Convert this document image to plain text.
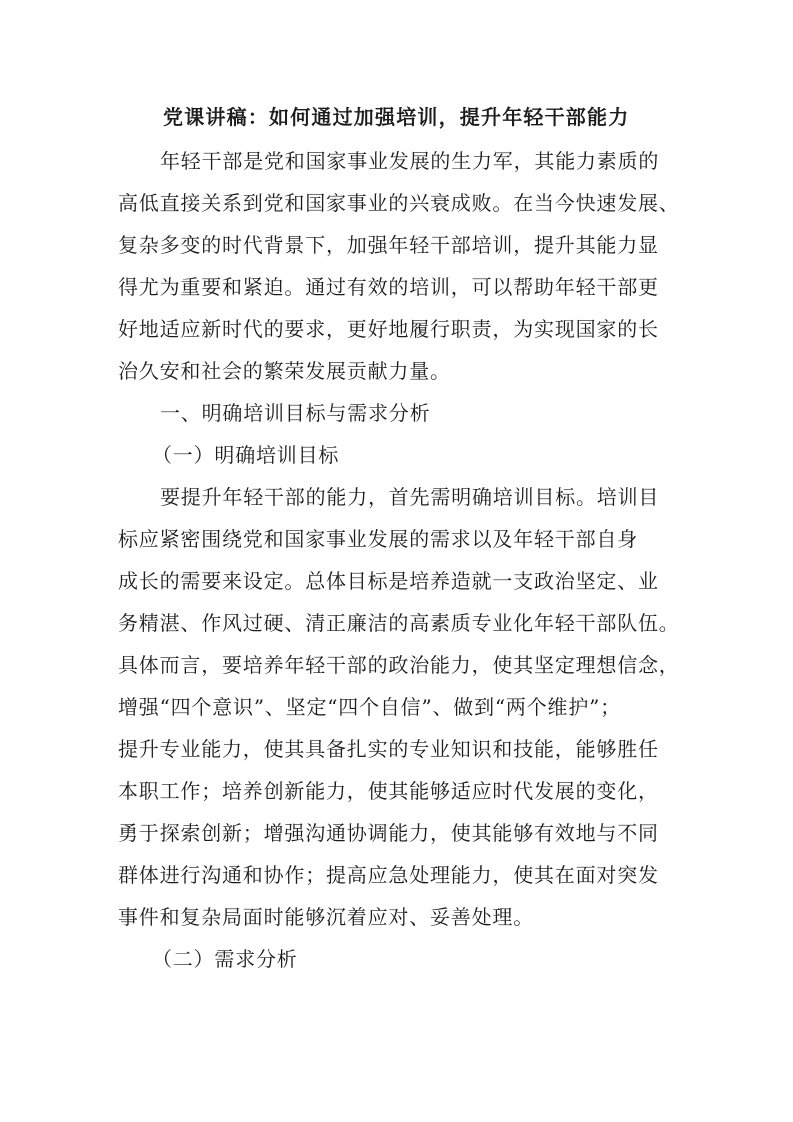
党课讲稿：如何通过加强培训，提升年轻干部能力
年轻干部是党和国家事业发展的生力军，其能力素质的
高低直接关系到党和国家事业的兴衰成败。在当今快速发展、
复杂多变的时代背景下，加强年轻干部培训，提升其能力显
得尤为重要和紧迫。通过有效的培训，可以帮助年轻干部更
好地适应新时代的要求，更好地履行职责，为实现国家的长
治久安和社会的繁荣发展贡献力量。
一、明确培训目标与需求分析
（一）明确培训目标
要提升年轻干部的能力，首先需明确培训目标。培训目
标应紧密围绕党和国家事业发展的需求以及年轻干部自身
成长的需要来设定。总体目标是培养造就一支政治坚定、业
务精湛、作风过硬、清正廉洁的高素质专业化年轻干部队伍。
具体而言，要培养年轻干部的政治能力，使其坚定理想信念，
增强“四个意识”、坚定“四个自信”、做到“两个维护”；
提升专业能力，使其具备扎实的专业知识和技能，能够胜任
本职工作；培养创新能力，使其能够适应时代发展的变化，
勇于探索创新；增强沟通协调能力，使其能够有效地与不同
群体进行沟通和协作；提高应急处理能力，使其在面对突发
事件和复杂局面时能够沉着应对、妥善处理。
（二）需求分析
